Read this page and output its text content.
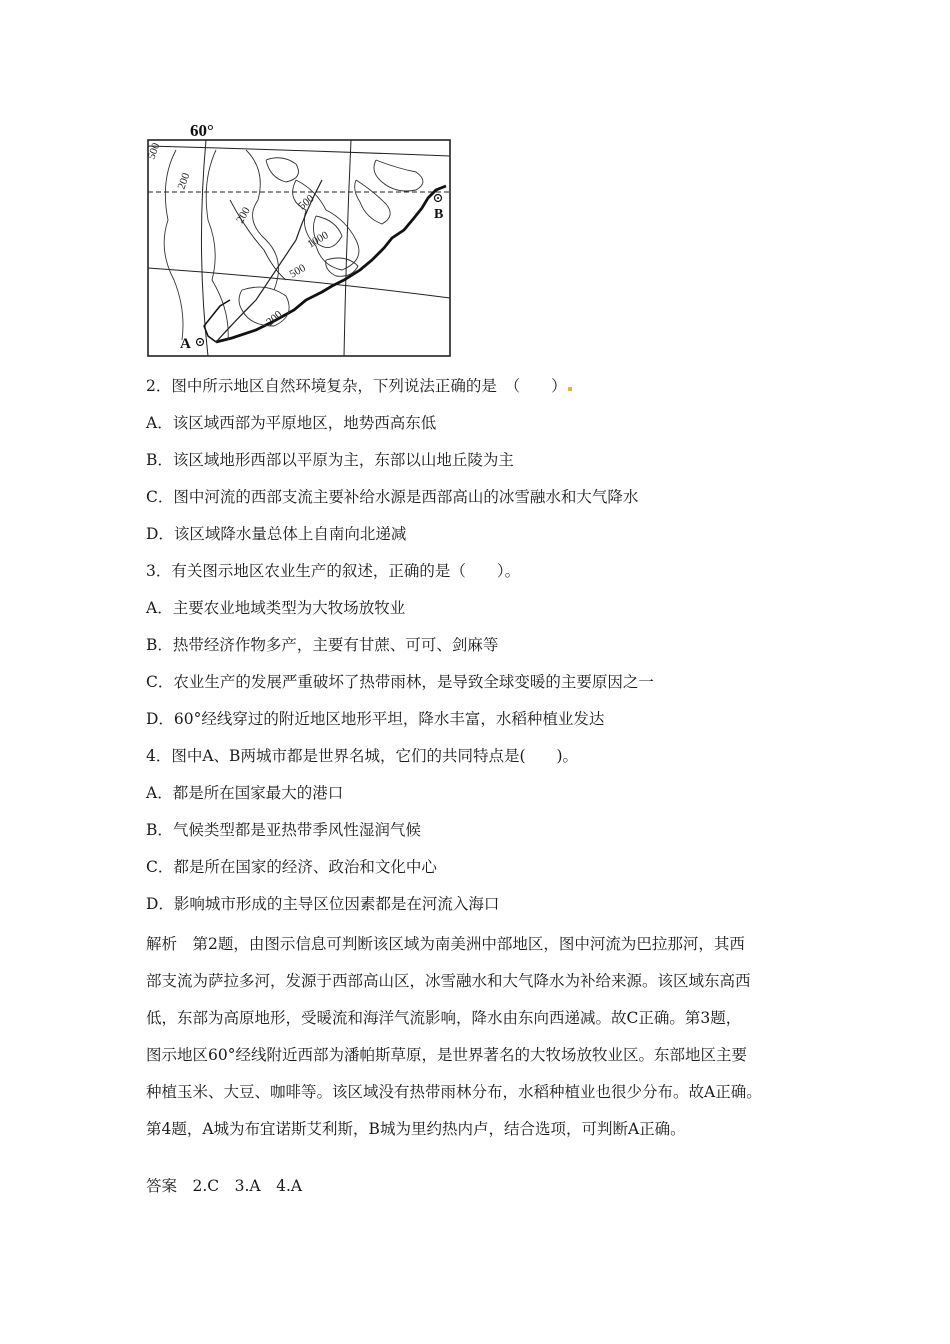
60°
500
200
200
500
1000
500
200
A
B
2．图中所示地区自然环境复杂，下列说法正确的是　（　　）
A．该区域西部为平原地区，地势西高东低
B．该区域地形西部以平原为主，东部以山地丘陵为主
C．图中河流的西部支流主要补给水源是西部高山的冰雪融水和大气降水
D．该区域降水量总体上自南向北递减
3．有关图示地区农业生产的叙述，正确的是（　　）。
A．主要农业地域类型为大牧场放牧业
B．热带经济作物多产，主要有甘蔗、可可、剑麻等
C．农业生产的发展严重破坏了热带雨林，是导致全球变暖的主要原因之一
D．60°经线穿过的附近地区地形平坦，降水丰富，水稻种植业发达
4．图中A、B两城市都是世界名城，它们的共同特点是(　　)。
A．都是所在国家最大的港口
B．气候类型都是亚热带季风性湿润气候
C．都是所在国家的经济、政治和文化中心
D．影响城市形成的主导区位因素都是在河流入海口

解析　第2题，由图示信息可判断该区域为南美洲中部地区，图中河流为巴拉那河，其西

部支流为萨拉多河，发源于西部高山区，冰雪融水和大气降水为补给来源。该区域东高西

低，东部为高原地形，受暖流和海洋气流影响，降水由东向西递减。故C正确。第3题，

图示地区60°经线附近西部为潘帕斯草原，是世界著名的大牧场放牧业区。东部地区主要

种植玉米、大豆、咖啡等。该区域没有热带雨林分布，水稻种植业也很少分布。故A正确。

第4题，A城为布宜诺斯艾利斯，B城为里约热内卢，结合选项，可判断A正确。

答案　2.C　3.A　4.A
